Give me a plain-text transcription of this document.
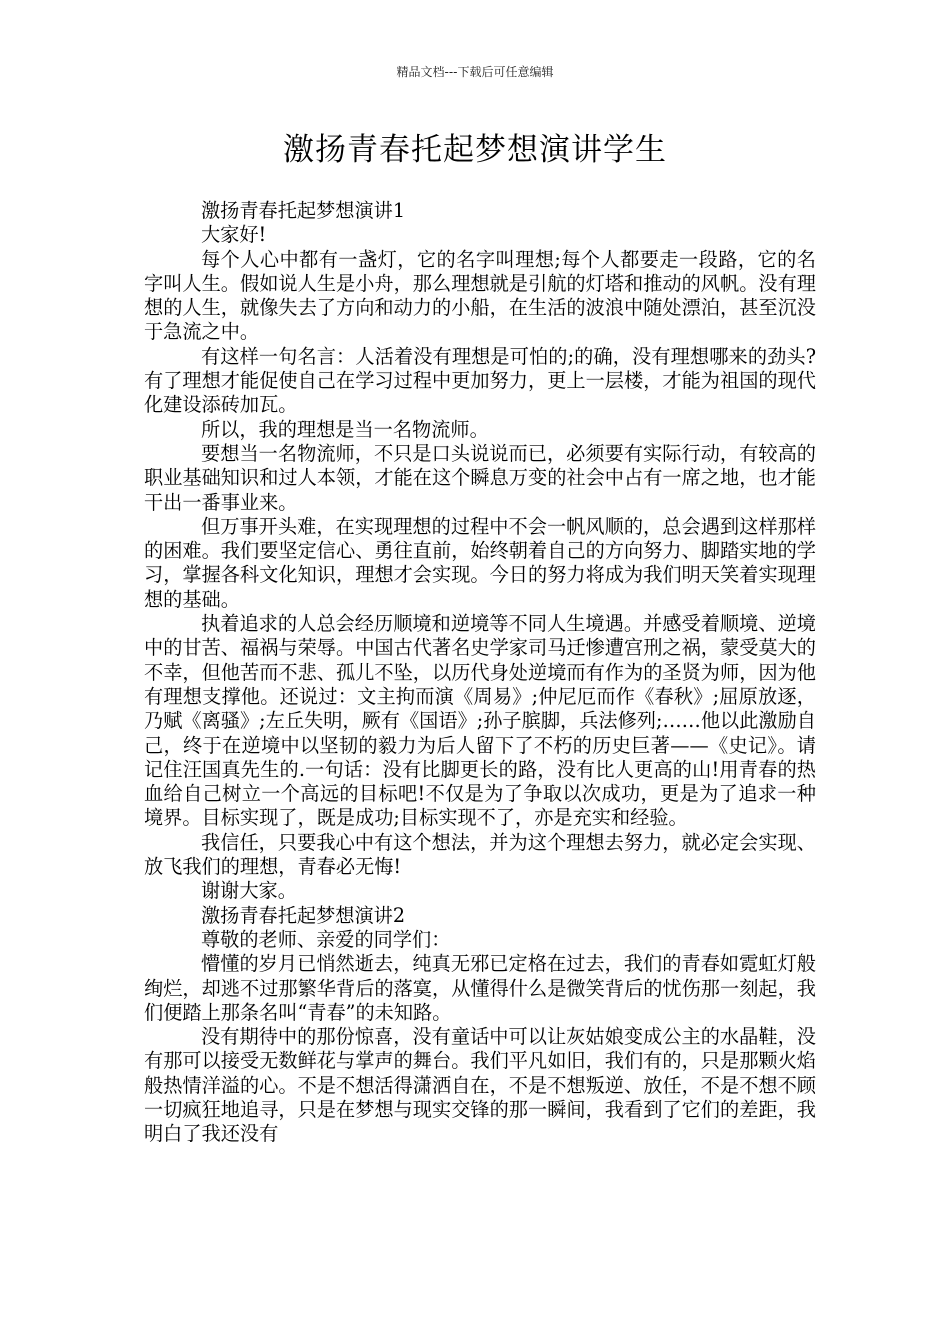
精品文档---下载后可任意编辑
激扬青春托起梦想演讲学生

激扬青春托起梦想演讲1

大家好!

每个人心中都有一盏灯，它的名字叫理想;每个人都要走一段路，它的名字叫人生。假如说人生是小舟，那么理想就是引航的灯塔和推动的风帆。没有理想的人生，就像失去了方向和动力的小船，在生活的波浪中随处漂泊，甚至沉没于急流之中。

有这样一句名言：人活着没有理想是可怕的;的确，没有理想哪来的劲头?有了理想才能促使自己在学习过程中更加努力，更上一层楼，才能为祖国的现代化建设添砖加瓦。

所以，我的理想是当一名物流师。

要想当一名物流师，不只是口头说说而已，必须要有实际行动，有较高的职业基础知识和过人本领，才能在这个瞬息万变的社会中占有一席之地，也才能干出一番事业来。

但万事开头难，在实现理想的过程中不会一帆风顺的，总会遇到这样那样的困难。我们要坚定信心、勇往直前，始终朝着自己的方向努力、脚踏实地的学习，掌握各科文化知识，理想才会实现。今日的努力将成为我们明天笑着实现理想的基础。

执着追求的人总会经历顺境和逆境等不同人生境遇。并感受着顺境、逆境中的甘苦、福祸与荣辱。中国古代著名史学家司马迁惨遭宫刑之祸，蒙受莫大的不幸，但他苦而不悲、孤儿不坠，以历代身处逆境而有作为的圣贤为师，因为他有理想支撑他。还说过：文主拘而演《周易》;仲尼厄而作《春秋》;屈原放逐，乃赋《离骚》;左丘失明，厥有《国语》;孙子膑脚，兵法修列;……他以此激励自己，终于在逆境中以坚韧的毅力为后人留下了不朽的历史巨著——《史记》。请记住汪国真先生的.一句话：没有比脚更长的路，没有比人更高的山!用青春的热血给自己树立一个高远的目标吧!不仅是为了争取以次成功，更是为了追求一种境界。目标实现了，既是成功;目标实现不了，亦是充实和经验。

我信任，只要我心中有这个想法，并为这个理想去努力，就必定会实现、放飞我们的理想，青春必无悔!

谢谢大家。

激扬青春托起梦想演讲2

尊敬的老师、亲爱的同学们：

懵懂的岁月已悄然逝去，纯真无邪已定格在过去，我们的青春如霓虹灯般绚烂，却逃不过那繁华背后的落寞，从懂得什么是微笑背后的忧伤那一刻起，我们便踏上那条名叫“青春”的未知路。

没有期待中的那份惊喜，没有童话中可以让灰姑娘变成公主的水晶鞋，没有那可以接受无数鲜花与掌声的舞台。我们平凡如旧，我们有的，只是那颗火焰般热情洋溢的心。不是不想活得潇洒自在，不是不想叛逆、放任，不是不想不顾一切疯狂地追寻，只是在梦想与现实交锋的那一瞬间，我看到了它们的差距，我明白了我还没有
